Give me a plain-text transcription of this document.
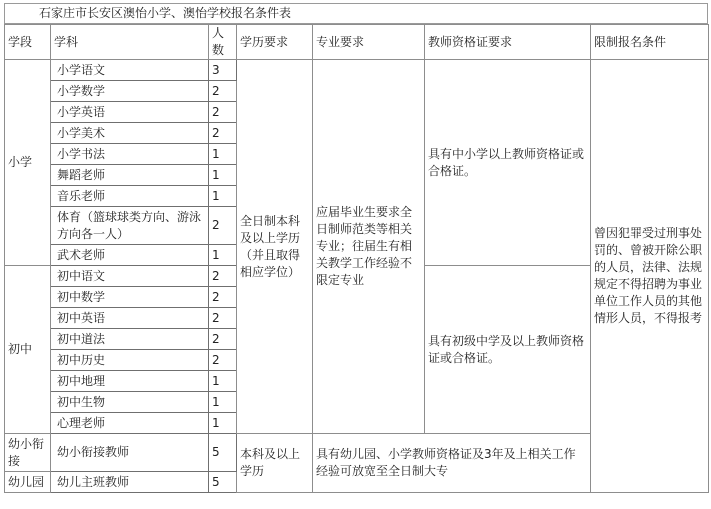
石家庄市长安区澳怡小学、澳怡学校报名条件表
学段	学科	人数	学历要求	专业要求	教师资格证要求	限制报名条件
小学	小学语文	3	全日制本科及以上学历（并且取得相应学位）	应届毕业生要求全日制师范类等相关专业；往届生有相关教学工作经验不限定专业	具有中小学以上教师资格证或合格证。	曾因犯罪受过刑事处罚的、曾被开除公职的人员，法律、法规规定不得招聘为事业单位工作人员的其他情形人员，不得报考
	小学数学	2				
	小学英语	2				
	小学美术	2				
	小学书法	1				
	舞蹈老师	1				
	音乐老师	1				
	体育（篮球球类方向、游泳方向各一人）	2				
	武术老师	1				
初中	初中语文	2			具有初级中学及以上教师资格证或合格证。	
	初中数学	2				
	初中英语	2				
	初中道法	2				
	初中历史	2				
	初中地理	1				
	初中生物	1				
	心理老师	1				
幼小衔接	幼小衔接教师	5	本科及以上学历	具有幼儿园、小学教师资格证及3年及上相关工作经验可放宽至全日制大专		
幼儿园	幼儿主班教师	5				
